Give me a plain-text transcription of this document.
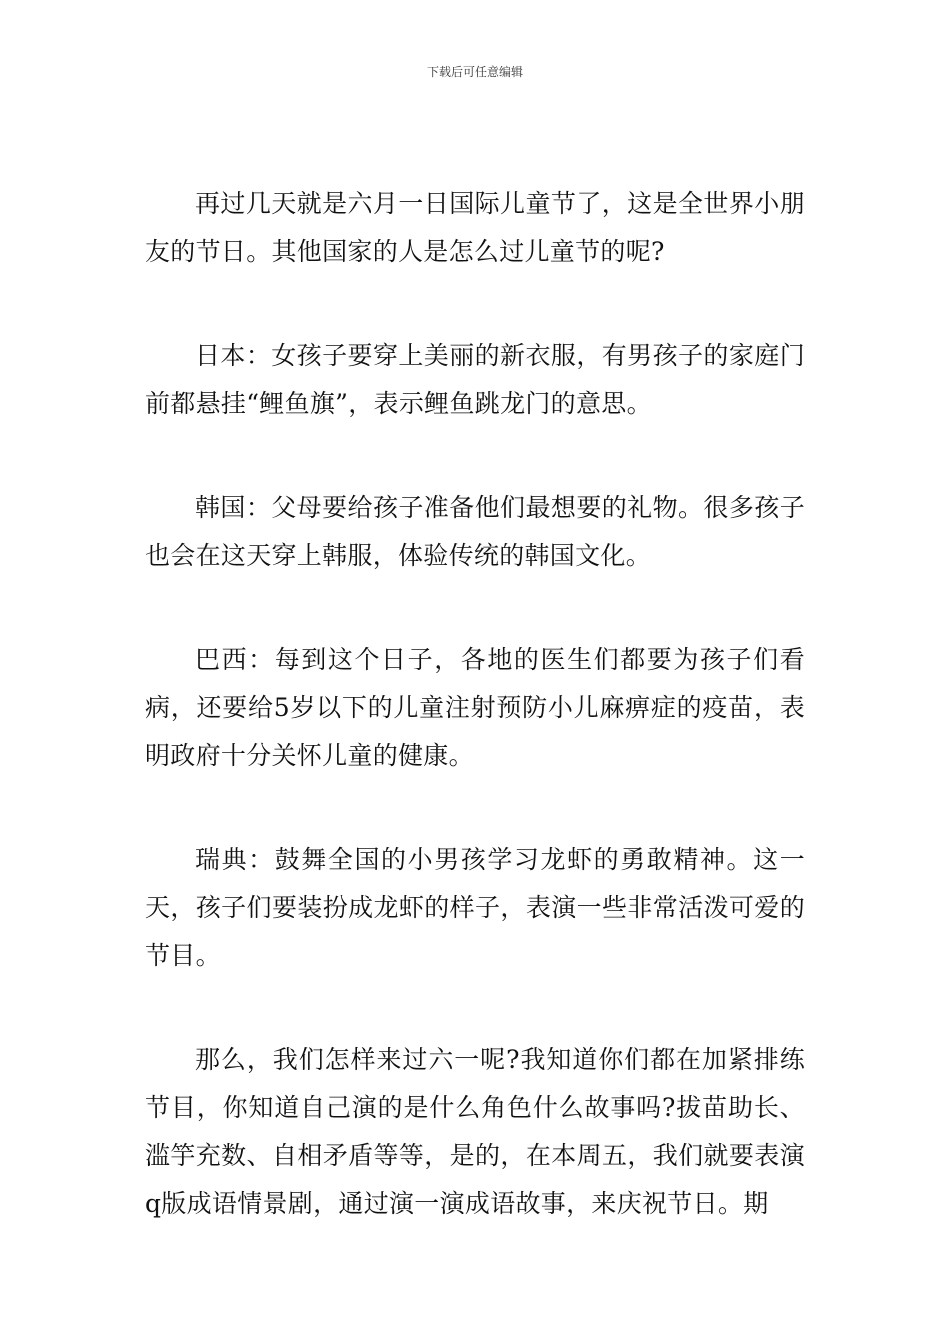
下载后可任意编辑

再过几天就是六月一日国际儿童节了，这是全世界小朋友的节日。其他国家的人是怎么过儿童节的呢?

日本：女孩子要穿上美丽的新衣服，有男孩子的家庭门前都悬挂“鲤鱼旗”，表示鲤鱼跳龙门的意思。

韩国：父母要给孩子准备他们最想要的礼物。很多孩子也会在这天穿上韩服，体验传统的韩国文化。

巴西：每到这个日子，各地的医生们都要为孩子们看病，还要给5岁以下的儿童注射预防小儿麻痹症的疫苗，表明政府十分关怀儿童的健康。

瑞典：鼓舞全国的小男孩学习龙虾的勇敢精神。这一天，孩子们要装扮成龙虾的样子，表演一些非常活泼可爱的节目。

那么，我们怎样来过六一呢?我知道你们都在加紧排练节目，你知道自己演的是什么角色什么故事吗?拔苗助长、滥竽充数、自相矛盾等等，是的，在本周五，我们就要表演q版成语情景剧，通过演一演成语故事，来庆祝节日。期
